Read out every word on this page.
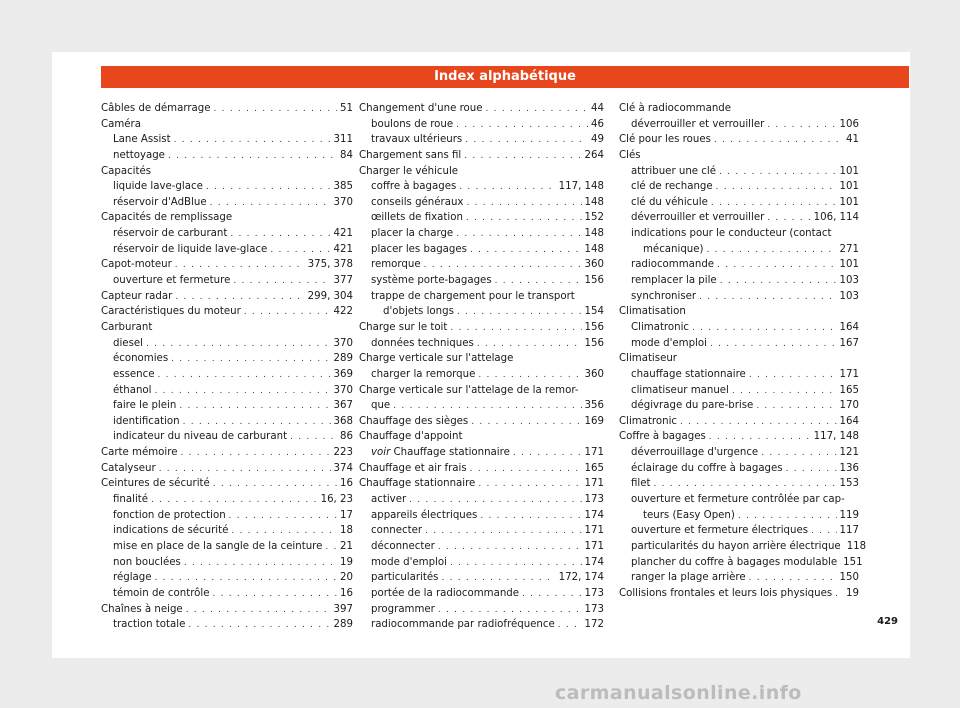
Index alphabétique
Câbles de démarrage . . .	51
Caméra
Lane Assist . . .	311
nettoyage . . .	84
Capacités
liquide lave-glace . . .	385
réservoir d'AdBlue . . .	370
Capacités de remplissage
réservoir de carburant . . .	421
réservoir de liquide lave-glace . . .	421
Capot-moteur . . .	375, 378
ouverture et fermeture . . .	377
Capteur radar . . .	299, 304
Caractéristiques du moteur . . .	422
Carburant
diesel . . .	370
économies . . .	289
essence . . .	369
éthanol . . .	370
faire le plein . . .	367
identification . . .	368
indicateur du niveau de carburant . . .	86
Carte mémoire . . .	223
Catalyseur . . .	374
Ceintures de sécurité . . .	16
finalité . . .	16, 23
fonction de protection . . .	17
indications de sécurité . . .	18
mise en place de la sangle de la ceinture . . . 21
non bouclées . . .	19
réglage . . .	20
témoin de contrôle . . .	16
Chaînes à neige . . .	397
traction totale . . .	289
Changement d'une roue . . .	44
boulons de roue . . .	46
travaux ultérieurs . . .	49
Chargement sans fil . . .	264
Charger le véhicule
coffre à bagages . . .	117, 148
conseils généraux . . .	148
œillets de fixation . . .	152
placer la charge . . .	148
placer les bagages . . .	148
remorque . . .	360
système porte-bagages . . .	156
trappe de chargement pour le transport
d'objets longs . . .	154
Charge sur le toit . . .	156
données techniques . . .	156
Charge verticale sur l'attelage
charger la remorque . . .	360
Charge verticale sur l'attelage de la remor-
que . . .	356
Chauffage des sièges . . .	169
Chauffage d'appoint
voir Chauffage stationnaire . . .	171
Chauffage et air frais . . .	165
Chauffage stationnaire . . .	171
activer . . .	173
appareils électriques . . .	174
connecter . . .	171
déconnecter . . .	171
mode d'emploi . . .	174
particularités . . .	172, 174
portée de la radiocommande . . .	173
programmer . . .	173
radiocommande par radiofréquence . . .	172
Clé à radiocommande
déverrouiller et verrouiller . . .	106
Clé pour les roues . . .	41
Clés
attribuer une clé . . .	101
clé de rechange . . .	101
clé du véhicule . . .	101
déverrouiller et verrouiller . . .	106, 114
indications pour le conducteur (contact
mécanique) . . .	271
radiocommande . . .	101
remplacer la pile . . .	103
synchroniser . . .	103
Climatisation
Climatronic . . .	164
mode d'emploi . . .	167
Climatiseur
chauffage stationnaire . . .	171
climatiseur manuel . . .	165
dégivrage du pare-brise . . .	170
Climatronic . . .	164
Coffre à bagages . . .	117, 148
déverrouillage d'urgence . . .	121
éclairage du coffre à bagages . . .	136
filet . . .	153
ouverture et fermeture contrôlée par cap-
teurs (Easy Open) . . .	119
ouverture et fermeture électriques . . .	117
particularités du hayon arrière électrique 118
plancher du coffre à bagages modulable 151
ranger la plage arrière . . .	150
Collisions frontales et leurs lois physiques . . . 19
429
carmanualsonline.info
